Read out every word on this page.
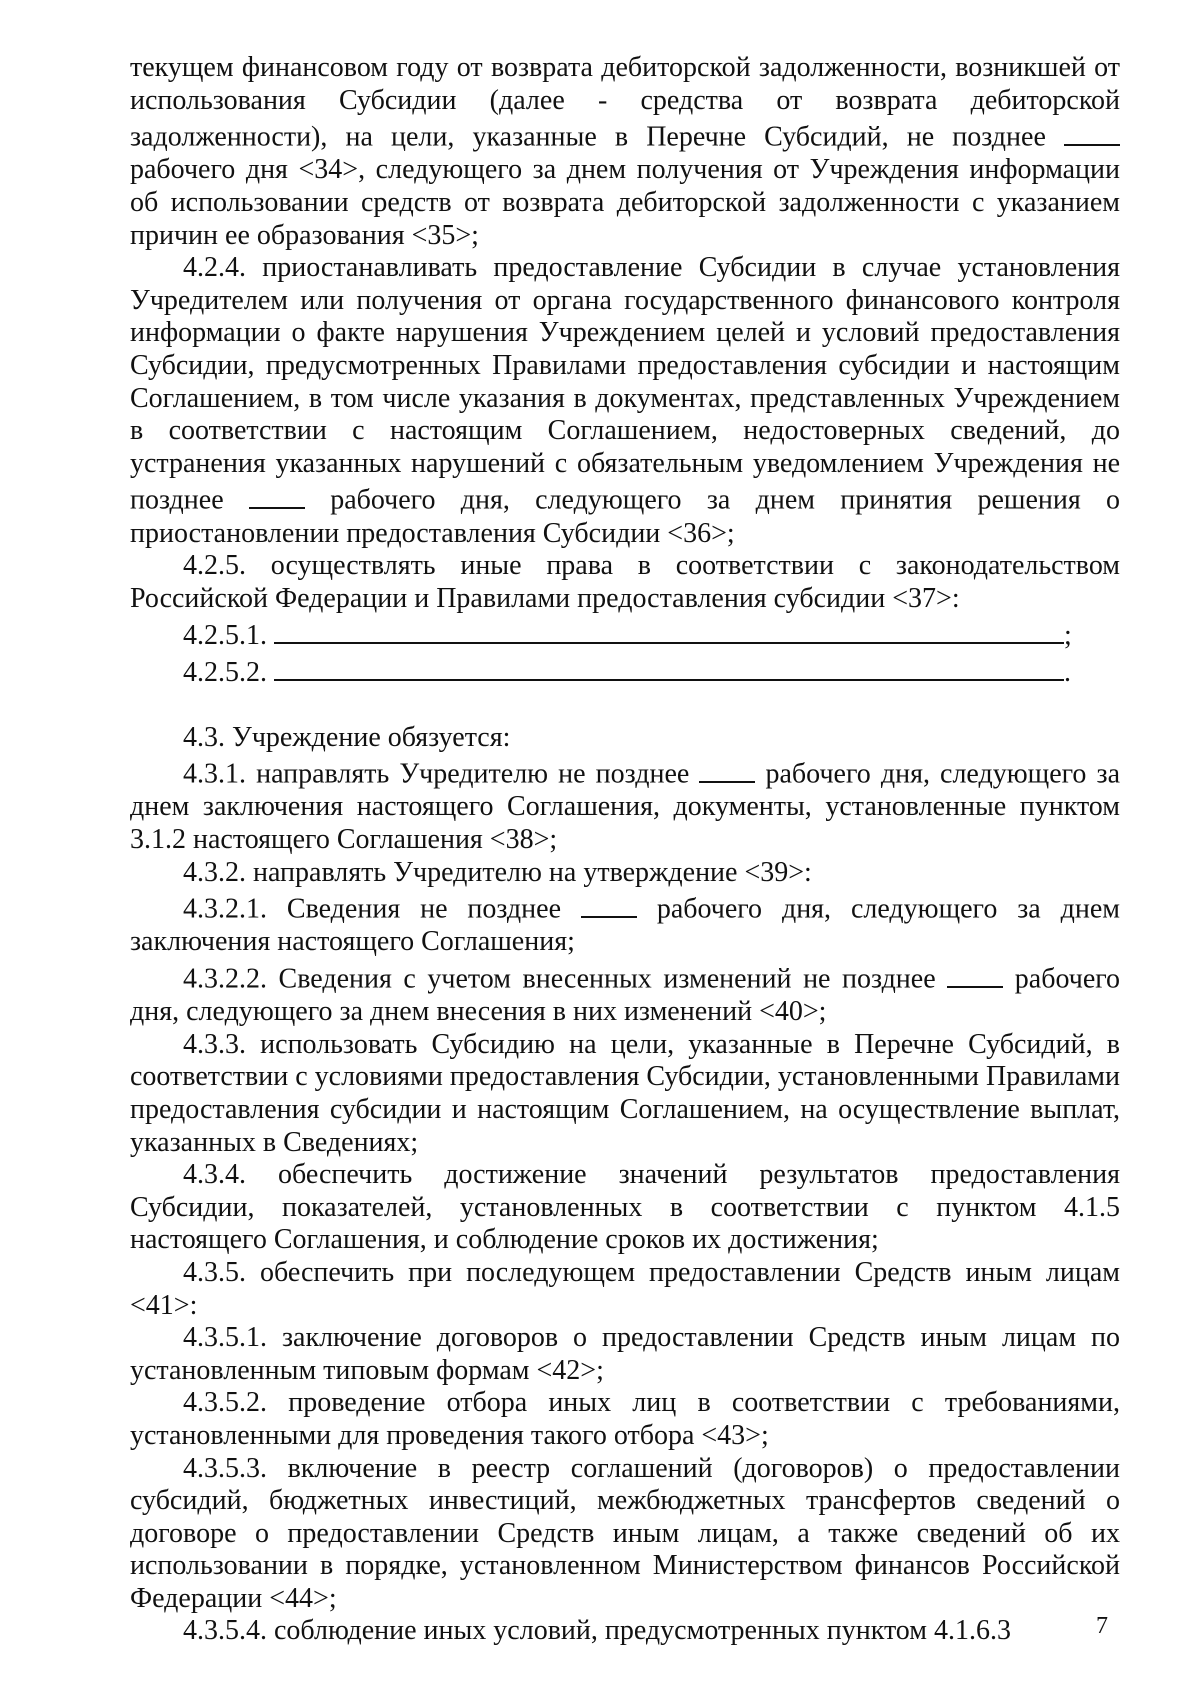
текущем финансовом году от возврата дебиторской задолженности, возникшей от использования Субсидии (далее - средства от возврата дебиторской задолженности), на цели, указанные в Перечне Субсидий, не позднее  рабочего дня <34>, следующего за днем получения от Учреждения информации об использовании средств от возврата дебиторской задолженности с указанием причин ее образования <35>;

4.2.4. приостанавливать предоставление Субсидии в случае установления Учредителем или получения от органа государственного финансового контроля информации о факте нарушения Учреждением целей и условий предоставления Субсидии, предусмотренных Правилами предоставления субсидии и настоящим Соглашением, в том числе указания в документах, представленных Учреждением в соответствии с настоящим Соглашением, недостоверных сведений, до устранения указанных нарушений с обязательным уведомлением Учреждения не позднее	рабочего дня, следующего за днем принятия решения о приостановлении предоставления Субсидии <36>;

4.2.5. осуществлять иные права в соответствии с законодательством Российской Федерации и Правилами предоставления субсидии <37>:

4.2.5.1.
	;
4.2.5.2.
	.

4.3. Учреждение обязуется:

4.3.1. направлять Учредителю не позднее	рабочего дня, следующего за днем заключения настоящего Соглашения, документы, установленные пунктом 3.1.2 настоящего Соглашения <38>;

4.3.2. направлять Учредителю на утверждение <39>:

4.3.2.1. Сведения не позднее	рабочего дня, следующего за днем заключения настоящего Соглашения;

4.3.2.2. Сведения с учетом внесенных изменений не позднее	рабочего дня, следующего за днем внесения в них изменений <40>;

4.3.3. использовать Субсидию на цели, указанные в Перечне Субсидий, в соответствии с условиями предоставления Субсидии, установленными Правилами предоставления субсидии и настоящим Соглашением, на осуществление выплат, указанных в Сведениях;

4.3.4. обеспечить достижение значений результатов предоставления Субсидии, показателей, установленных в соответствии с пунктом 4.1.5 настоящего Соглашения, и соблюдение сроков их достижения;

4.3.5. обеспечить при последующем предоставлении Средств иным лицам <41>:

4.3.5.1. заключение договоров о предоставлении Средств иным лицам по установленным типовым формам <42>;

4.3.5.2. проведение отбора иных лиц в соответствии с требованиями, установленными для проведения такого отбора <43>;

4.3.5.3. включение в реестр соглашений (договоров) о предоставлении субсидий, бюджетных инвестиций, межбюджетных трансфертов сведений о договоре о предоставлении Средств иным лицам, а также сведений об их использовании в порядке, установленном Министерством финансов Российской Федерации <44>;

4.3.5.4. соблюдение иных условий, предусмотренных пунктом 4.1.6.3	7
